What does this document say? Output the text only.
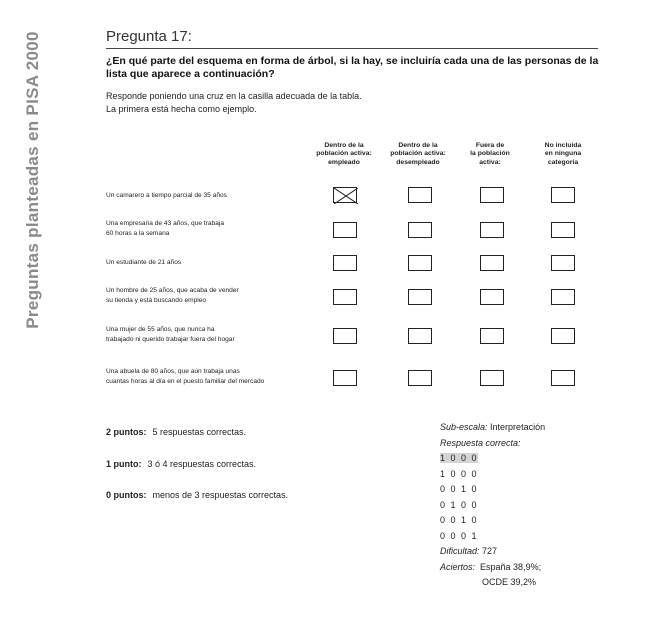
Preguntas planteadas en PISA 2000	Pregunta 17:
¿En qué parte del esquema en forma de árbol, si la hay, se incluiría cada una de las personas de la lista que aparece a continuación?
Responde poniendo una cruz en la casilla adecuada de la tabla.
La primera está hecha como ejemplo.
Dentro de la
población activa:
empleado
Dentro de la
población activa:
desempleado
Fuera de
la población
activa:
No incluida
en ninguna
categoría
Un camarero a tiempo parcial de 35 años
Una empresaria de 43 años, que trabaja
60 horas a la semana
Un estudiante de 21 años
Un hombre de 25 años, que acaba de vender
su tienda y está buscando empleo
Una mujer de 55 años, que nunca ha
trabajado ni querido trabajar fuera del hogar
Una abuela de 80 años, que aún trabaja unas
cuantas horas al día en el puesto familiar del mercado
2 puntos: 5 respuestas correctas.
1 punto: 3 ó 4 respuestas correctas.
0 puntos: menos de 3 respuestas correctas.
Sub-escala: Interpretación
Respuesta correcta:
1 0 0 0
1 0 0 0
0 0 1 0
0 1 0 0
0 0 1 0
0 0 0 1
Dificultad: 727
Aciertos: España 38,9%;
OCDE 39,2%
